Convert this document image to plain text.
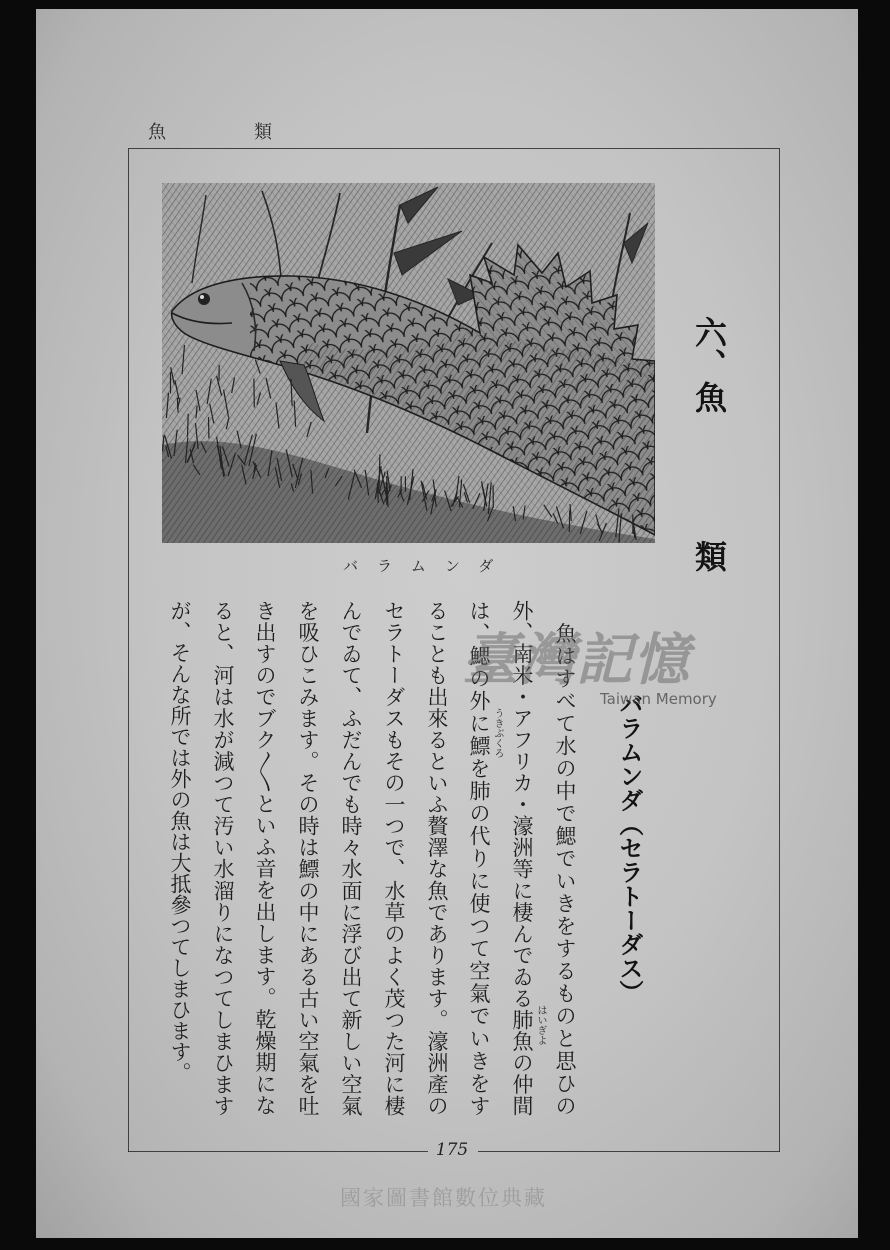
魚　類
バラムンダ
六、
魚
類
バラムンダ（セラトーダス）
　魚はすべて水の中で鰓でいきをするものと思ひの
外、南米・アフリカ・濠洲等に棲んでゐる肺魚の仲間
は、鰓の外に鰾を肺の代りに使つて空氣でいきをす
ることも出來るといふ贅澤な魚であります。濠洲產の
セラトーダスもその一つで、水草のよく茂つた河に棲
んでゐて、ふだんでも時々水面に浮び出て新しい空氣
を吸ひこみます。その時は鰾の中にある古い空氣を吐
き出すのでブク〳〵といふ音を出します。乾燥期にな
ると、河は水が減つて汚い水溜りになつてしまひます
が、そんな所では外の魚は大抵參つてしまひます。	はいぎよ
うきぶくろ
175
臺灣記憶
Taiwan Memory
國家圖書館數位典藏
